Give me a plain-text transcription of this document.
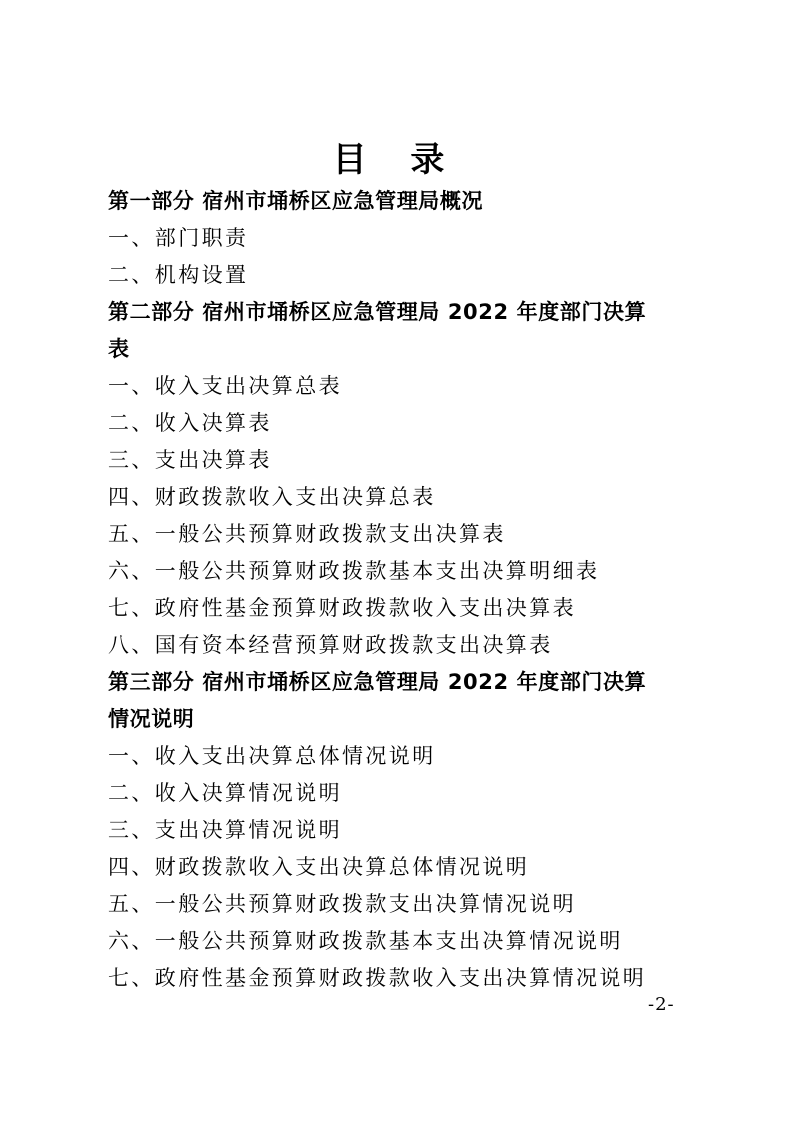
目 录
第一部分 宿州市埇桥区应急管理局概况
一、部门职责
二、机构设置
第二部分 宿州市埇桥区应急管理局 2022 年度部门决算
表
一、收入支出决算总表
二、收入决算表
三、支出决算表
四、财政拨款收入支出决算总表
五、一般公共预算财政拨款支出决算表
六、一般公共预算财政拨款基本支出决算明细表
七、政府性基金预算财政拨款收入支出决算表
八、国有资本经营预算财政拨款支出决算表
第三部分 宿州市埇桥区应急管理局 2022 年度部门决算
情况说明
一、收入支出决算总体情况说明
二、收入决算情况说明
三、支出决算情况说明
四、财政拨款收入支出决算总体情况说明
五、一般公共预算财政拨款支出决算情况说明
六、一般公共预算财政拨款基本支出决算情况说明
七、政府性基金预算财政拨款收入支出决算情况说明
-2-
